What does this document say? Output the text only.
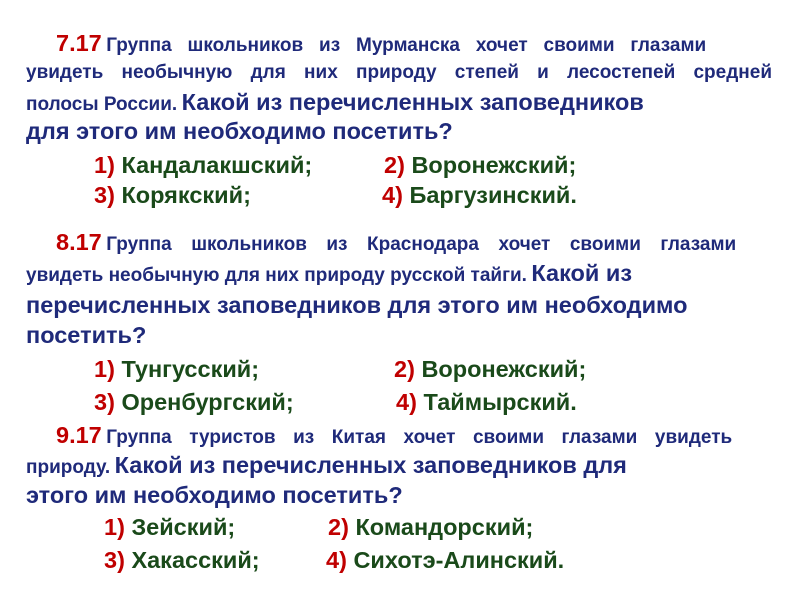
7.17 Группа школьников из Мурманска хочет своими глазами
увидеть необычную для них природу степей и лесостепей средней
полосы России. Какой из перечисленных заповедников
для этого им необходимо посетить?
1) Кандалакшский;	2) Воронежский;
3) Корякский;	4) Баргузинский.
8.17 Группа школьников из Краснодара хочет своими глазами
увидеть необычную для них природу русской тайги. Какой из
перечисленных заповедников для этого им необходимо
посетить?
1) Тунгусский;	2) Воронежский;
3) Оренбургский;	4) Таймырский.
9.17 Группа туристов из Китая хочет своими глазами увидеть
природу. Какой из перечисленных заповедников для
этого им необходимо посетить?
1) Зейский;	2) Командорский;
3) Хакасский;	4) Сихотэ-Алинский.
